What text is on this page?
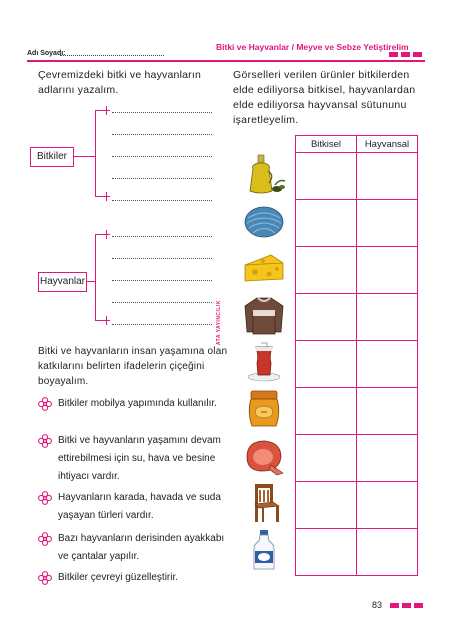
Adı Soyadı:
Bitki ve Hayvanlar / Meyve ve Sebze Yetiştirelim
Çevremizdeki bitki ve hayvanların adlarını yazalım.
Bitkiler
Hayvanlar
ATA YAYINCILIK
Görselleri verilen ürünler bitkilerden elde ediliyorsa bitkisel, hayvanlardan elde ediliyorsa hayvansal sütununu işaretleyelim.
	Bitkisel	Hayvansal

Bitki ve hayvanların insan yaşamına olan katkılarını belirten ifadelerin çiçeğini boyayalım.
Bitkiler mobilya yapımında kullanılır.
Bitki ve hayvanların yaşamını devam ettirebilmesi için su, hava ve besine ihtiyacı vardır.
Hayvanların karada, havada ve suda yaşayan türleri vardır.
Bazı hayvanların derisinden ayakkabı ve çantalar yapılır.
Bitkiler çevreyi güzelleştirir.
83
